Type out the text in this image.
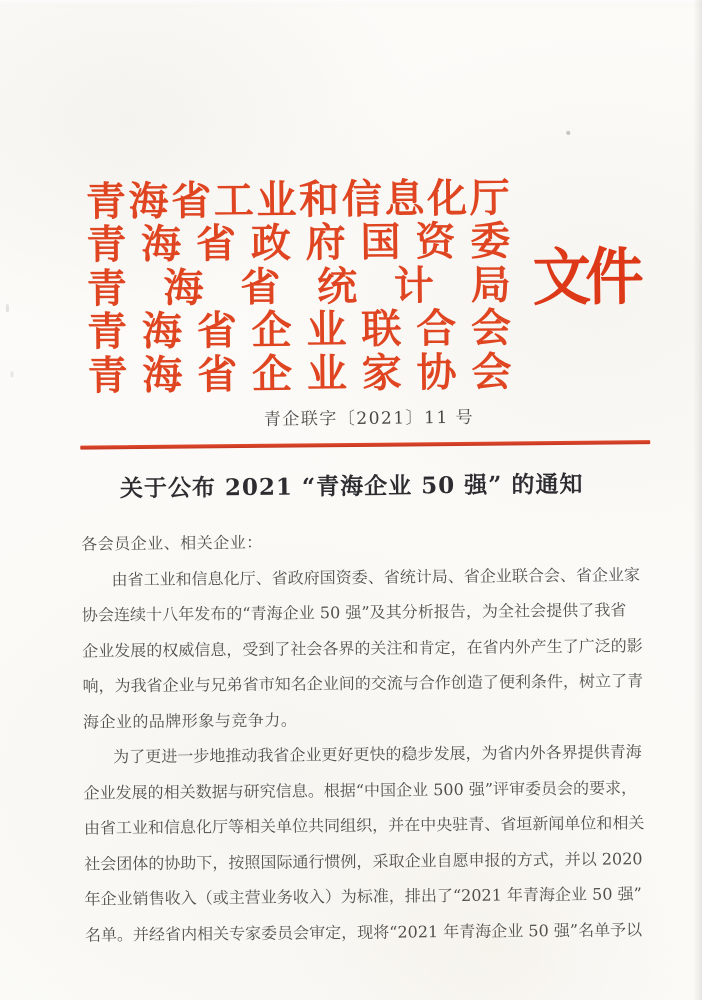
青 海 省 工 业 和 信 息 化 厅
青 海 省 政 府 国 资 委
青 海 省 统 计 局
青 海 省 企 业 联 合 会
青 海 省 企 业 家 协 会
文件
青企联字〔2021〕11 号
关于公布 2021 “青海企业 50 强” 的通知
各会员企业、相关企业：
由 省 工 业 和 信 息 化 厅 、 省 政 府 国 资 委 、 省 统 计 局 、 省 企 业 联 合 会 、 省 企 业 家
协 会 连 续 十 八 年 发 布 的 “ 青 海 企 业
50
强 ” 及 其 分 析 报 告 ， 为 全 社 会 提 供 了 我 省
企 业 发 展 的 权 威 信 息 ， 受 到 了 社 会 各 界 的 关 注 和 肯 定 ， 在 省 内 外 产 生 了 广 泛 的 影
响 ， 为 我 省 企 业 与 兄 弟 省 市 知 名 企 业 间 的 交 流 与 合 作 创 造 了 便 利 条 件 ， 树 立 了 青
海企业的品牌形象与竞争力。
为 了 更 进 一 步 地 推 动 我 省 企 业 更 好 更 快 的 稳 步 发 展 ， 为 省 内 外 各 界 提 供 青 海
企 业 发 展 的 相 关 数 据 与 研 究 信 息 。 根 据 “ 中 国 企 业
500
强 ” 评 审 委 员 会 的 要 求 ，
由 省 工 业 和 信 息 化 厅 等 相 关 单 位 共 同 组 织 ， 并 在 中 央 驻 青 、 省 垣 新 闻 单 位 和 相 关
社 会 团 体 的 协 助 下 ， 按 照 国 际 通 行 惯 例 ， 采 取 企 业 自 愿 申 报 的 方 式 ， 并 以
2020
年 企 业 销 售 收 入 （ 或 主 营 业 务 收 入 ） 为 标 准 ， 排 出 了 “ 2021
年 青 海 企 业
50
强 ”
名 单 。 并 经 省 内 相 关 专 家 委 员 会 审 定 ， 现 将 “ 2021
年 青 海 企 业
50
强 ” 名 单 予 以
